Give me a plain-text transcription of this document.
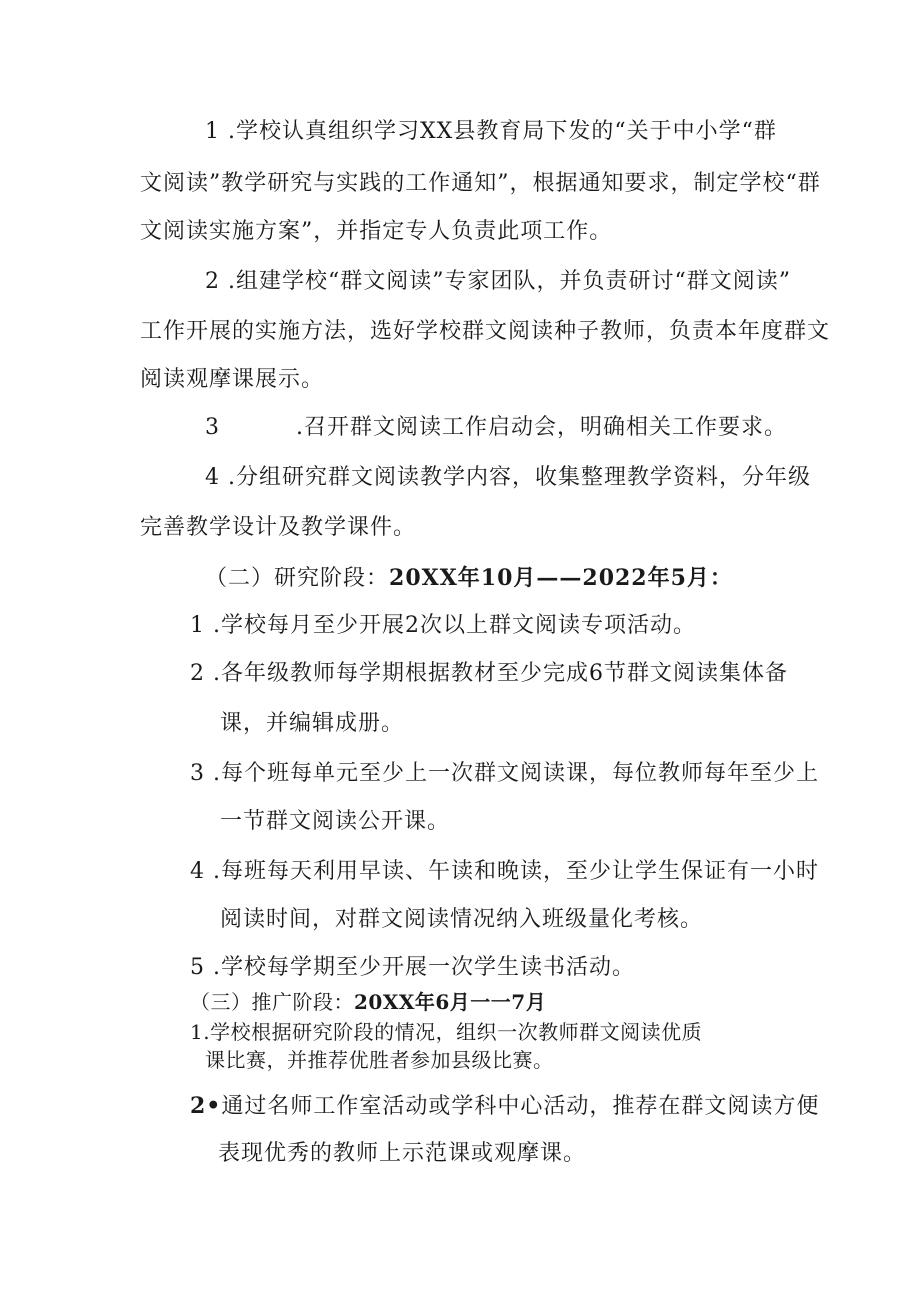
1 .学校认真组织学习XX县教育局下发的“关于中小学“群
文阅读”教学研究与实践的工作通知”，根据通知要求，制定学校“群
文阅读实施方案”，并指定专人负责此项工作。
2 .组建学校“群文阅读”专家团队，并负责研讨“群文阅读”
工作开展的实施方法，选好学校群文阅读种子教师，负责本年度群文
阅读观摩课展示。
3	.召开群文阅读工作启动会，明确相关工作要求。
4 .分组研究群文阅读教学内容，收集整理教学资料，分年级
完善教学设计及教学课件。
（二）研究阶段：20XX年10月——2022年5月：
1 .学校每月至少开展2次以上群文阅读专项活动。
2 .各年级教师每学期根据教材至少完成6节群文阅读集体备
课，并编辑成册。
3 .每个班每单元至少上一次群文阅读课，每位教师每年至少上
一节群文阅读公开课。
4 .每班每天利用早读、午读和晚读，至少让学生保证有一小时
阅读时间，对群文阅读情况纳入班级量化考核。
5 .学校每学期至少开展一次学生读书活动。
（三）推广阶段：20XX年6月一一7月
1.学校根据研究阶段的情况，组织一次教师群文阅读优质
课比赛，并推荐优胜者参加县级比赛。
2•通过名师工作室活动或学科中心活动，推荐在群文阅读方便
表现优秀的教师上示范课或观摩课。
